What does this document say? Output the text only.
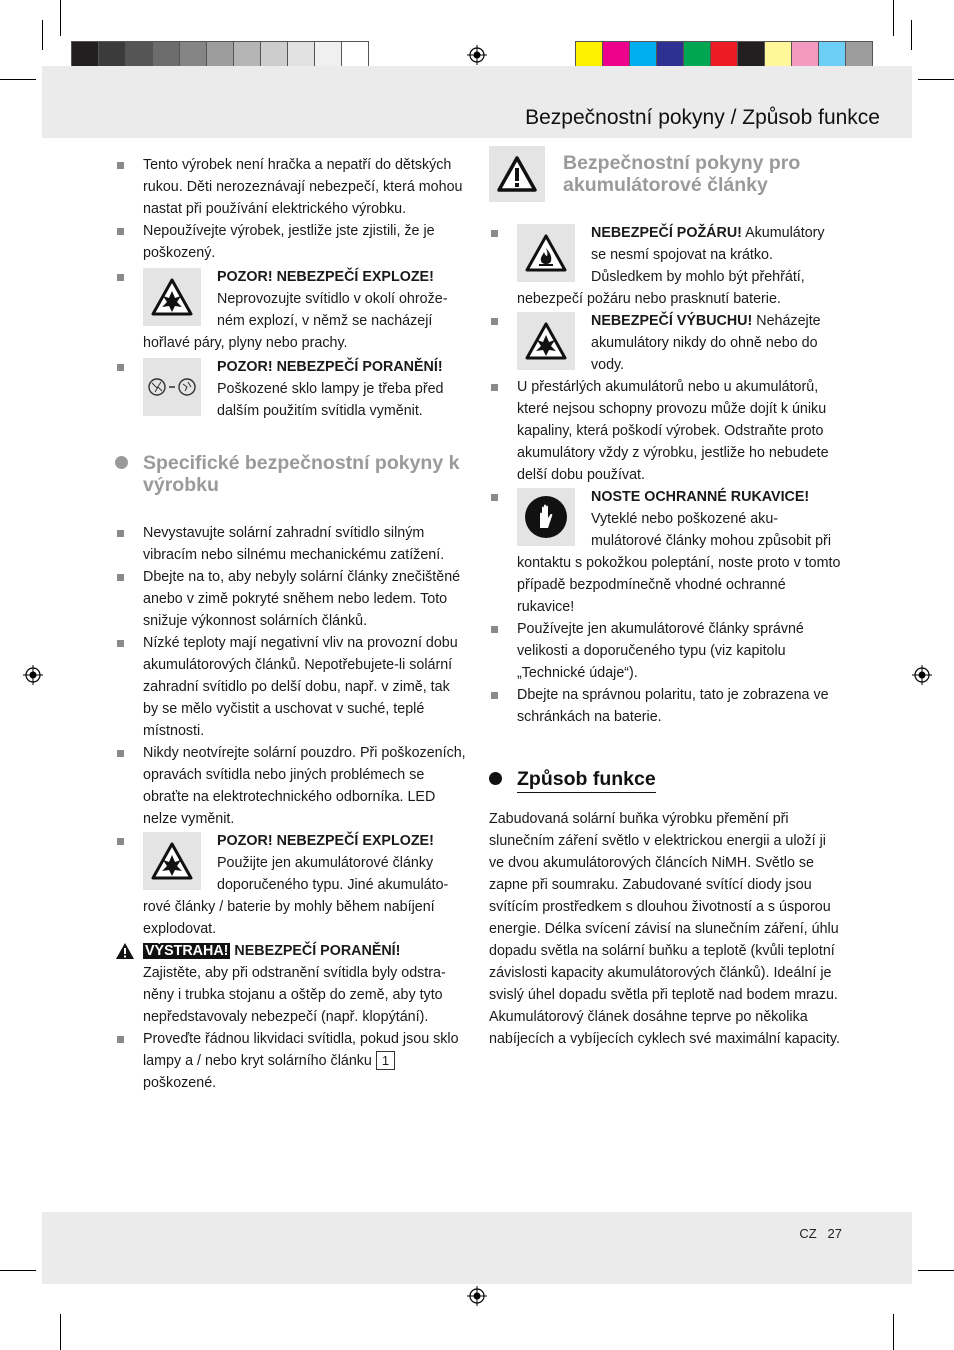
Bezpečnostní pokyny / Způsob funkce
CZ 27

Tento výrobek není hračka a nepatří do dětských rukou. Děti nerozeznávají nebezpečí, která mohou nastat při používání elektrického výrobku.

Nepoužívejte výrobek, jestliže jste zjistili, že je poškozený.

POZOR! NEBEZPEČÍ EXPLOZE! Neprovozujte svítidlo v okolí ohroženém explozí, v němž se nacházejí hořlavé páry, plyny nebo prachy.
POZOR! NEBEZPEČÍ PORANĚNÍ! Poškozené sklo lampy je třeba před dalším použitím svítidla vyměnit.
Specifické bezpečnostní pokyny k výrobku

Nevystavujte solární zahradní svítidlo silným vibracím nebo silnému mechanickému zatížení.

Dbejte na to, aby nebyly solární články znečištěné anebo v zimě pokryté sněhem nebo ledem. Toto snižuje výkonnost solárních článků.

Nízké teploty mají negativní vliv na provozní dobu akumulátorových článků. Nepotřebujete-li solární zahradní svítidlo po delší dobu, např. v zimě, tak by se mělo vyčistit a uschovat v suché, teplé místnosti.

Nikdy neotvírejte solární pouzdro. Při poškozeních, opravách svítidla nebo jiných problémech se obraťte na elektrotechnického odborníka. LED nelze vyměnit.

POZOR! NEBEZPEČÍ EXPLOZE! Použijte jen akumulátorové články doporučeného typu. Jiné akumulátorové články / baterie by mohly během nabíjení explodovat.
VÝSTRAHA! NEBEZPEČÍ PORANĚNÍ!
Zajistěte, aby při odstranění svítidla byly odstraněny i trubka stojanu a oštěp do země, aby tyto nepředstavovaly nebezpečí (např. klopýtání).

Proveďte řádnou likvidaci svítidla, pokud jsou sklo lampy a / nebo kryt solárního článku 1 poškozené.

Bezpečnostní pokyny pro akumulátorové články
NEBEZPEČÍ POŽÁRU! Akumulátory se nesmí spojovat na krátko. Důsledkem by mohlo být přehřátí, nebezpečí požáru nebo prasknutí baterie.
NEBEZPEČÍ VÝBUCHU! Neházejte akumulátory nikdy do ohně nebo do vody.

U přestárlých akumulátorů nebo u akumulátorů, které nejsou schopny provozu může dojít k úniku kapaliny, která poškodí výrobek. Odstraňte proto akumulátory vždy z výrobku, jestliže ho nebudete delší dobu používat.

NOSTE OCHRANNÉ RUKAVICE! Vyteklé nebo poškozené akumulátorové články mohou způsobit při kontaktu s pokožkou poleptání, noste proto v tomto případě bezpodmínečně vhodné ochranné rukavice!

Používejte jen akumulátorové články správné velikosti a doporučeného typu (viz kapitolu „Technické údaje“).

Dbejte na správnou polaritu, tato je zobrazena ve schránkách na baterie.

Způsob funkce

Zabudovaná solární buňka výrobku přemění při slunečním záření světlo v elektrickou energii a uloží ji ve dvou akumulátorových článcích NiMH. Světlo se zapne při soumraku. Zabudované svítící diody jsou svítícím prostředkem s dlouhou životností a s úsporou energie. Délka svícení závisí na slunečním záření, úhlu dopadu světla na solární buňku a teplotě (kvůli teplotní závislosti kapacity akumulátorových článků). Ideální je svislý úhel dopadu světla při teplotě nad bodem mrazu. Akumulátorový článek dosáhne teprve po několika nabíjecích a vybíjecích cyklech své maximální kapacity.
